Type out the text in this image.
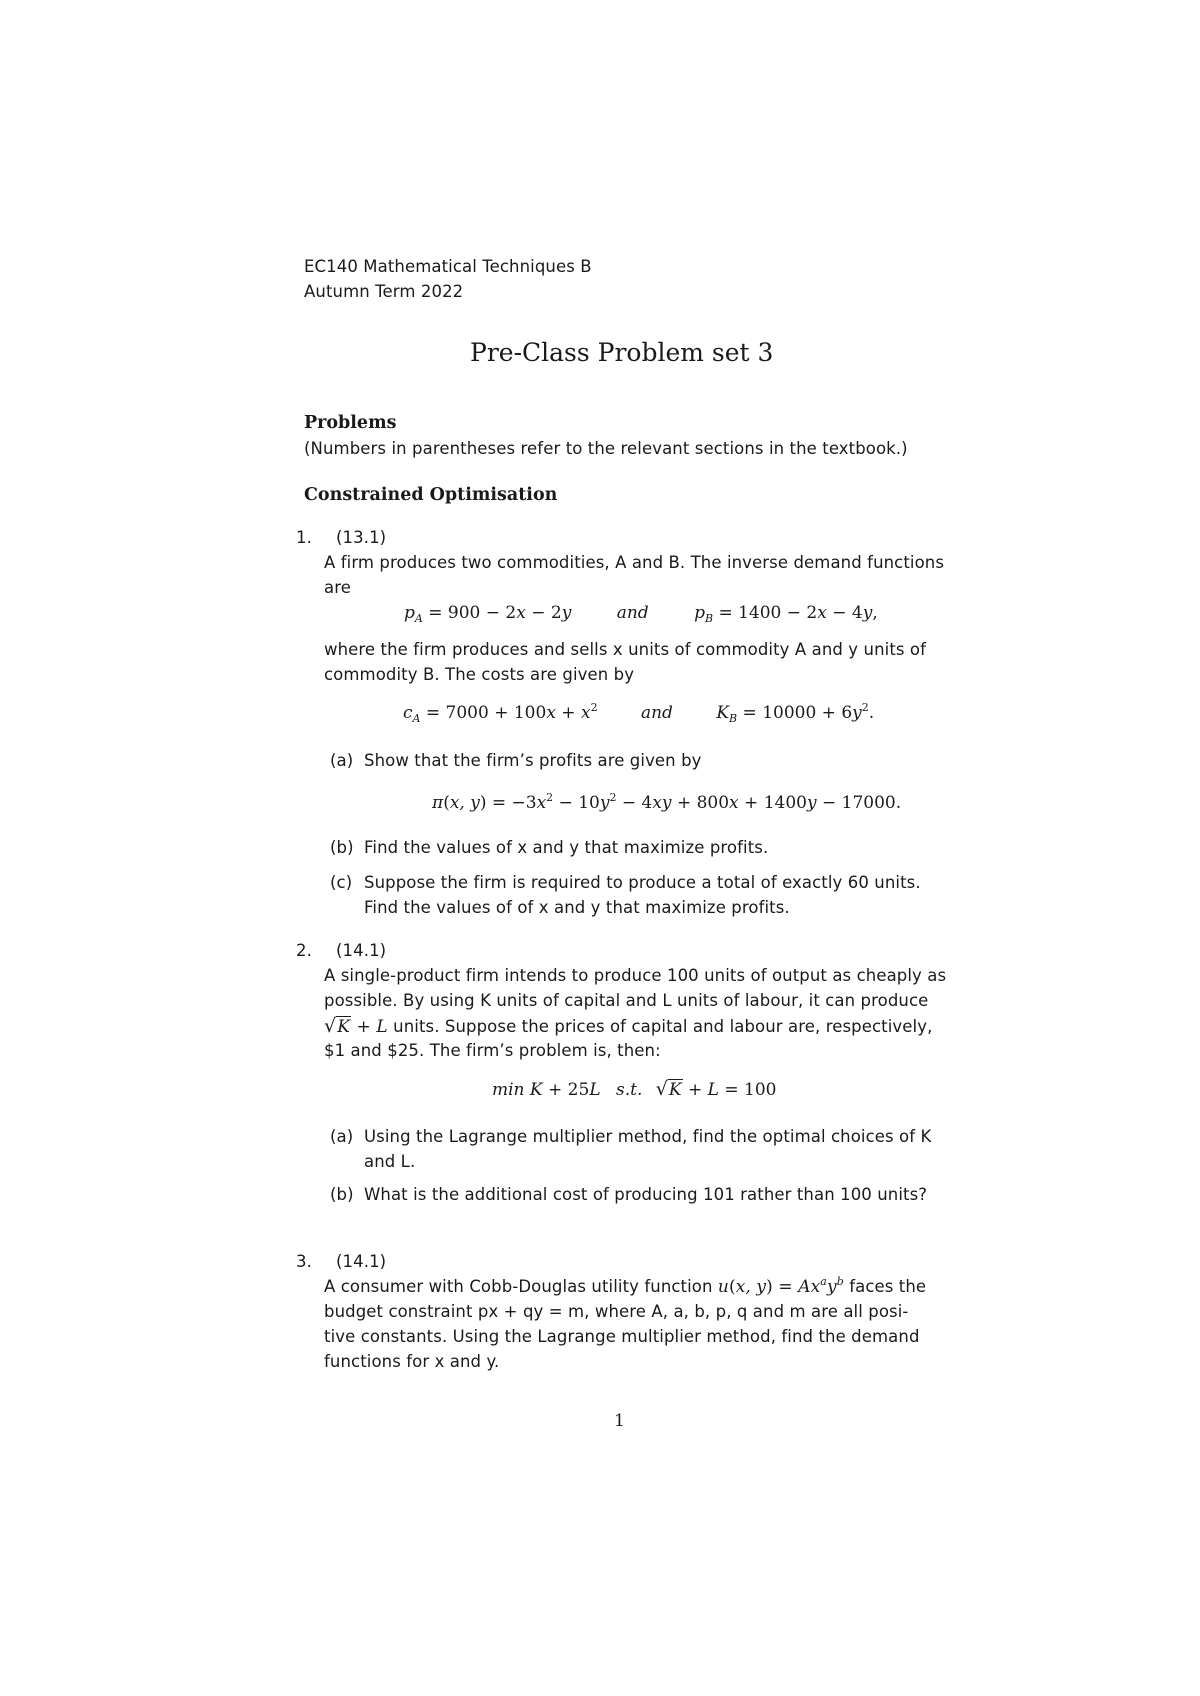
EC140 Mathematical Techniques B
Autumn Term 2022
Pre-Class Problem set 3
Problems
(Numbers in parentheses refer to the relevant sections in the textbook.)
Constrained Optimisation
1. (13.1)
A firm produces two commodities, A and B. The inverse demand functions
are
$p_A = 900 - 2x - 2y$	and	$p_B = 1400 - 2x - 4y$,
where the firm produces and sells x units of commodity A and y units of
commodity B. The costs are given by
$c_A = 7000 + 100x + x^2$	and	$K_B = 10000 + 6y^2$.
(a) Show that the firm’s profits are given by
π(x, $y) = -3x^2 - 10y^2 - 4xy + 800x + 1400y - 17000$.
(b) Find the values of x and y that maximize profits.
(c) Suppose the firm is required to produce a total of exactly 60 units.
Find the values of of x and y that maximize profits.
2. (14.1)
A single-product firm intends to produce 100 units of output as cheaply as
possible. By using K units of capital and L units of labour, it can produce
√K + L units. Suppose the prices of capital and labour are, respectively,
$1 and $25. The firm’s problem is, then:
min K + 25L s.t. √K + L = 100
(a) Using the Lagrange multiplier method, find the optimal choices of K
and L.
(b) What is the additional cost of producing 101 rather than 100 units?
3. (14.1)
A consumer with Cobb-Douglas utility function u(x, $y) = Ax^ay^b$ faces the
budget constraint px + qy = m, where A, a, b, p, q and m are all posi-
tive constants. Using the Lagrange multiplier method, find the demand
functions for x and y.
1
